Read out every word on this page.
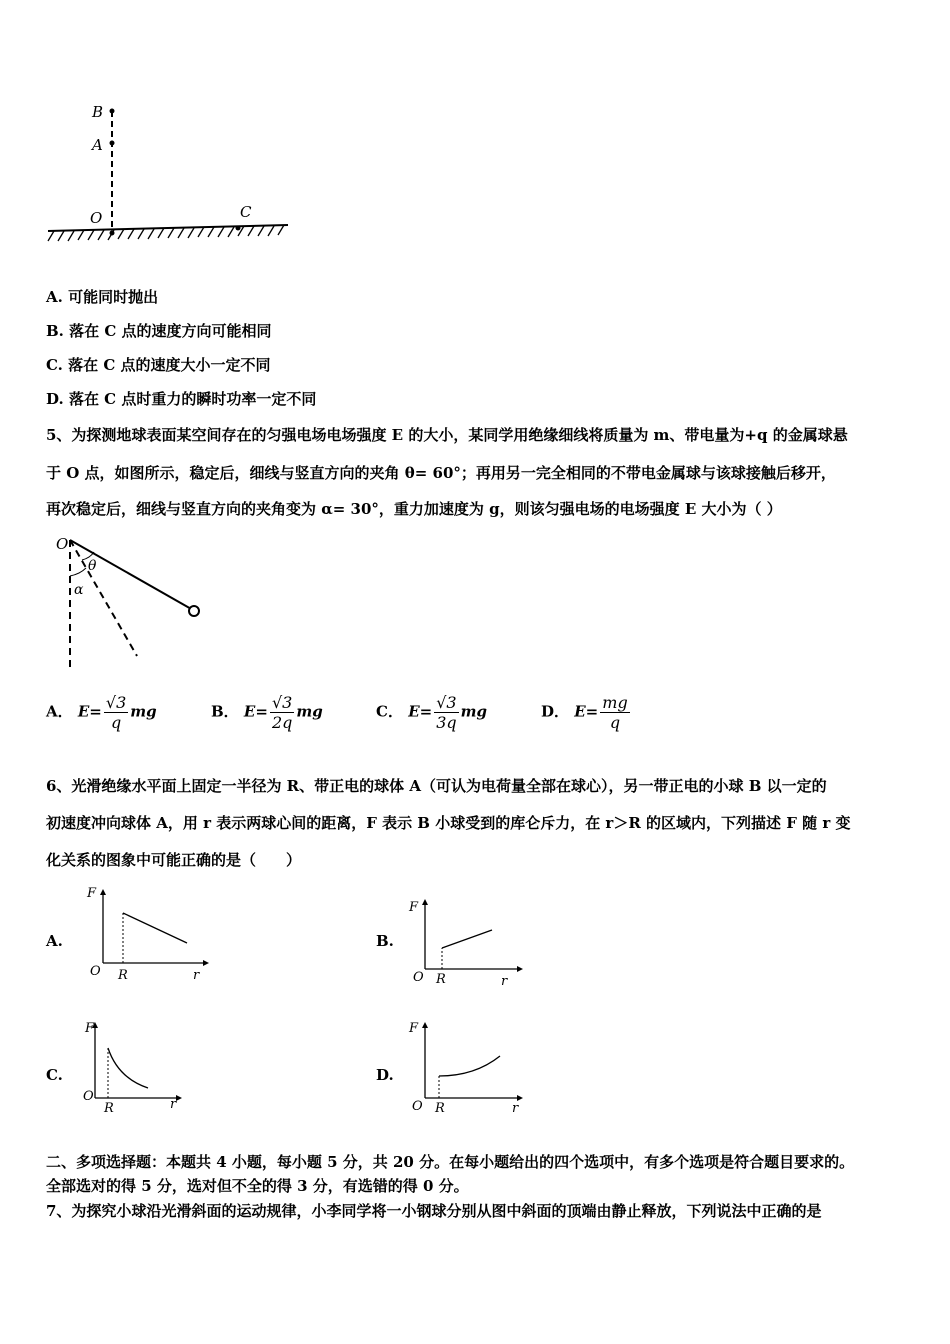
B
A
O	C
A. 可能同时抛出
B. 落在 C 点的速度方向可能相同
C. 落在 C 点的速度大小一定不同
D. 落在 C 点时重力的瞬时功率一定不同
5、为探测地球表面某空间存在的匀强电场电场强度 E 的大小，某同学用绝缘细线将质量为 m、带电量为+q 的金属球悬
于 O 点，如图所示，稳定后，细线与竖直方向的夹角 θ= 60°；再用另一完全相同的不带电金属球与该球接触后移开，
再次稳定后，细线与竖直方向的夹角变为 α= 30°，重力加速度为 g，则该匀强电场的电场强度 E 大小为（ ）
O
θ
α
A． $E= \frac{√3}{q}$ mg	B． $E= \frac{√3}{2q}$ mg	C． $E= \frac{√3}{3q}$ mg	D． $E= \frac{mg}{q}$
6、光滑绝缘水平面上固定一半径为 R、带正电的球体 A（可认为电荷量全部在球心），另一带正电的小球 B 以一定的
初速度冲向球体 A，用 r 表示两球心间的距离，F 表示 B 小球受到的库仑斥力，在 r＞R 的区域内，下列描述 F 随 r 变
化关系的图象中可能正确的是（　　）
A.
F
O R	r
B.
F
O R	r
C.
F
O
R	r
D.
F
O R	r
二、多项选择题：本题共 4 小题，每小题 5 分，共 20 分。在每小题给出的四个选项中，有多个选项是符合题目要求的。
全部选对的得 5 分，选对但不全的得 3 分，有选错的得 0 分。
7、为探究小球沿光滑斜面的运动规律，小李同学将一小钢球分别从图中斜面的顶端由静止释放，下列说法中正确的是
